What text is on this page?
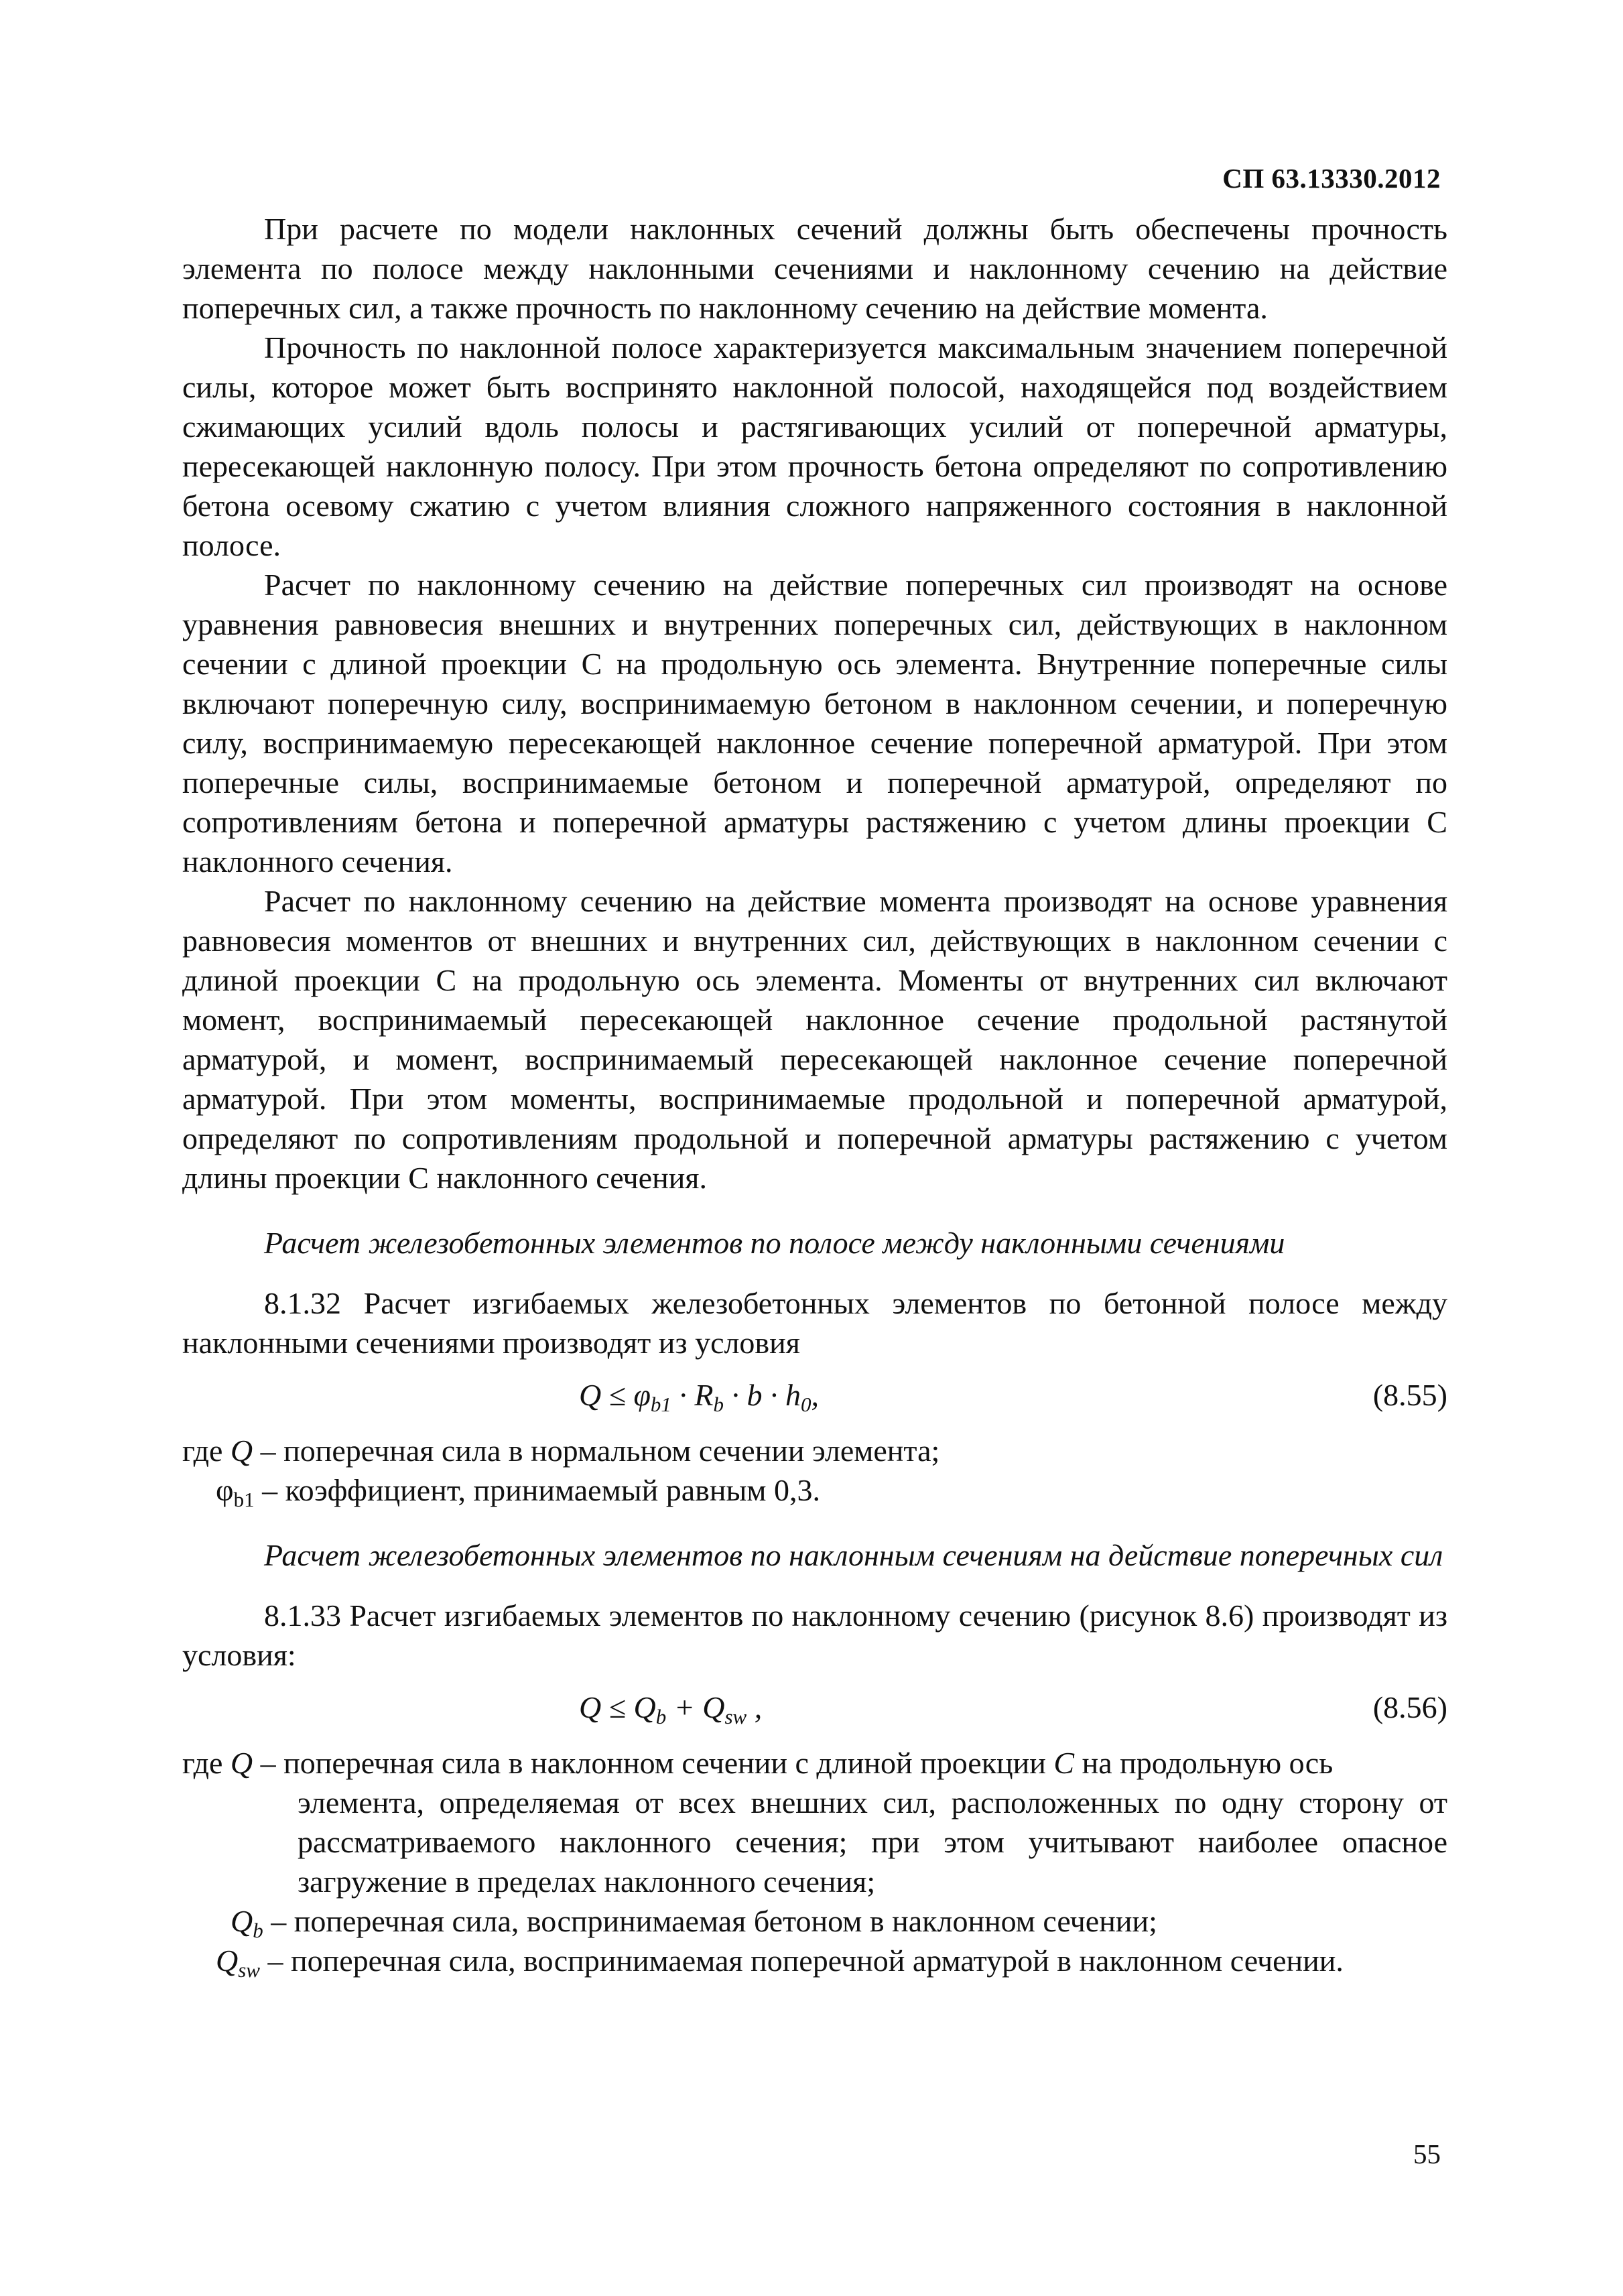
СП 63.13330.2012

При расчете по модели наклонных сечений должны быть обеспечены прочность элемента по полосе между наклонными сечениями и наклонному сечению на действие поперечных сил, а также прочность по наклонному сечению на действие момента.

Прочность по наклонной полосе характеризуется максимальным значением поперечной силы, которое может быть воспринято наклонной полосой, находящейся под воздействием сжимающих усилий вдоль полосы и растягивающих усилий от поперечной арматуры, пересекающей наклонную полосу. При этом прочность бетона определяют по сопротивлению бетона осевому сжатию с учетом влияния сложного напряженного состояния в наклонной полосе.

Расчет по наклонному сечению на действие поперечных сил производят на основе уравнения равновесия внешних и внутренних поперечных сил, действующих в наклонном сечении с длиной проекции С на продольную ось элемента. Внутренние поперечные силы включают поперечную силу, воспринимаемую бетоном в наклонном сечении, и поперечную силу, воспринимаемую пересекающей наклонное сечение поперечной арматурой. При этом поперечные силы, воспринимаемые бетоном и поперечной арматурой, определяют по сопротивлениям бетона и поперечной арматуры растяжению с учетом длины проекции С наклонного сечения.

Расчет по наклонному сечению на действие момента производят на основе уравнения равновесия моментов от внешних и внутренних сил, действующих в наклонном сечении с длиной проекции С на продольную ось элемента. Моменты от внутренних сил включают момент, воспринимаемый пересекающей наклонное сечение продольной растянутой арматурой, и момент, воспринимаемый пересекающей наклонное сечение поперечной арматурой. При этом моменты, воспринимаемые продольной и поперечной арматурой, определяют по сопротивлениям продольной и поперечной арматуры растяжению с учетом длины проекции С наклонного сечения.

Расчет железобетонных элементов по полосе между наклонными сечениями

8.1.32 Расчет изгибаемых железобетонных элементов по бетонной полосе между наклонными сечениями производят из условия

$Q \le \varphi_{b1} \cdot R_b \cdot b \cdot h_0$,	(8.55)
где Q – поперечная сила в нормальном сечении элемента;
$\varphi_{b1}$ – коэффициент, принимаемый равным 0,3.
Расчет железобетонных элементов по наклонным сечениям на действие поперечных сил

8.1.33 Расчет изгибаемых элементов по наклонному сечению (рисунок 8.6) производят из условия:

$Q \le Q_b + Q_{sw}$ ,	(8.56)
где Q – поперечная сила в наклонном сечении с длиной проекции С на продольную ось
элемента, определяемая от всех внешних сил, расположенных по одну сторону от рассматриваемого наклонного сечения; при этом учитывают наиболее опасное загружение в пределах наклонного сечения;
$Q_b$ – поперечная сила, воспринимаемая бетоном в наклонном сечении;
$Q_{sw}$ – поперечная сила, воспринимаемая поперечной арматурой в наклонном сечении.
55
